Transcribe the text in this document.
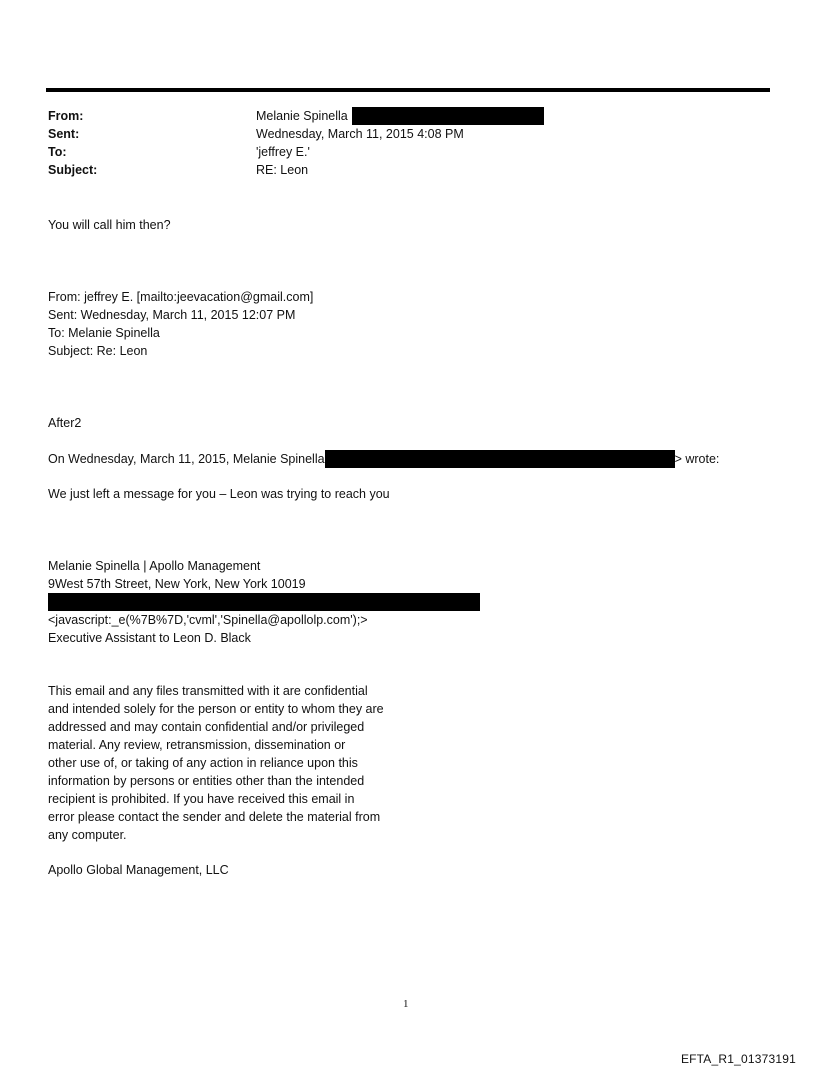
From:	Melanie Spinella
Sent:	Wednesday, March 11, 2015 4:08 PM
To:	'jeffrey E.'
Subject:	RE: Leon
You will call him then?
From: jeffrey E. [mailto:jeevacation@gmail.com]
Sent: Wednesday, March 11, 2015 12:07 PM
To: Melanie Spinella
Subject: Re: Leon
After2
On Wednesday, March 11, 2015, Melanie Spinella	> wrote:
We just left a message for you – Leon was trying to reach you
Melanie Spinella | Apollo Management
9West 57th Street, New York, New York 10019
<javascript:_e(%7B%7D,'cvml','Spinella@apollolp.com');>
Executive Assistant to Leon D. Black
This email and any files transmitted with it are confidential
and intended solely for the person or entity to whom they are
addressed and may contain confidential and/or privileged
material. Any review, retransmission, dissemination or
other use of, or taking of any action in reliance upon this
information by persons or entities other than the intended
recipient is prohibited. If you have received this email in
error please contact the sender and delete the material from
any computer.
Apollo Global Management, LLC
1
EFTA_R1_01373191
